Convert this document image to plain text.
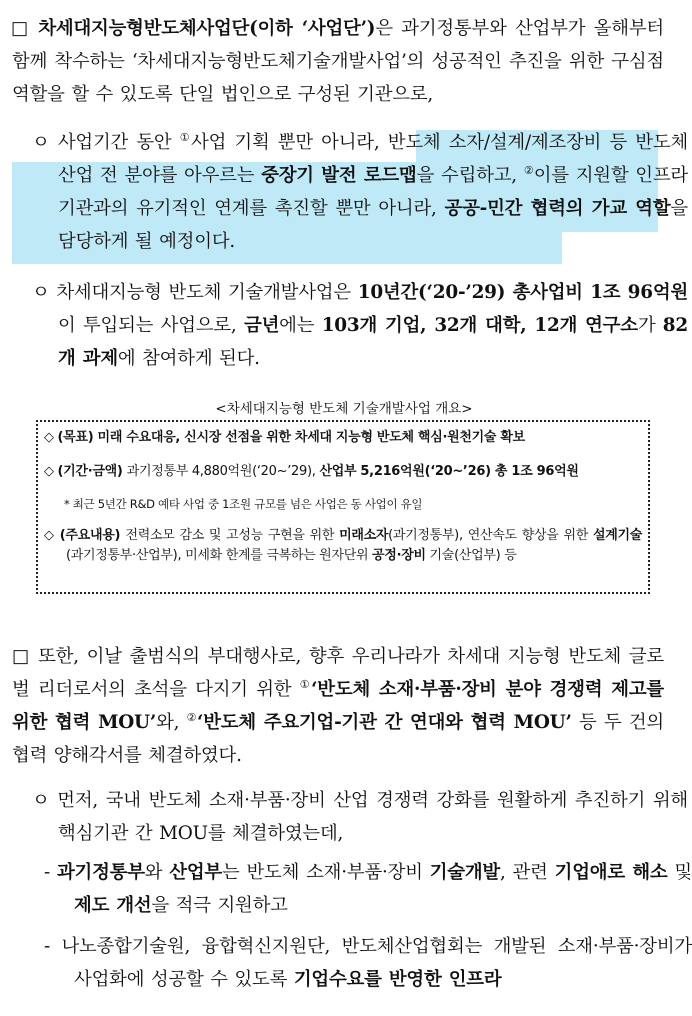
□ 차세대지능형반도체사업단(이하 ‘사업단’)은 과기정통부와 산업부가 올해부터 함께 착수하는 ‘차세대지능형반도체기술개발사업’의 성공적인 추진을 위한 구심점 역할을 할 수 있도록 단일 법인으로 구성된 기관으로,

ㅇ 사업기간 동안 ①사업 기획 뿐만 아니라, 반도체 소자/설계/제조장비 등 반도체 산업 전 분야를 아우르는 중장기 발전 로드맵을 수립하고, ②이를 지원할 인프라 기관과의 유기적인 연계를 촉진할 뿐만 아니라, 공공-민간 협력의 가교 역할을 담당하게 될 예정이다.

ㅇ 차세대지능형 반도체 기술개발사업은 10년간(‘20-’29) 총사업비 1조 96억원이 투입되는 사업으로, 금년에는 103개 기업, 32개 대학, 12개 연구소가 82개 과제에 참여하게 된다.

<차세대지능형 반도체 기술개발사업 개요>

◇ (목표) 미래 수요대응, 신시장 선점을 위한 차세대 지능형 반도체 핵심·원천기술 확보

◇ (기간·금액) 과기정통부 4,880억원(‘20~’29), 산업부 5,216억원(‘20~’26) 총 1조 96억원

* 최근 5년간 R&D 예타 사업 중 1조원 규모를 넘은 사업은 동 사업이 유일

◇ (주요내용) 전력소모 감소 및 고성능 구현을 위한 미래소자(과기정통부), 연산속도 향상을 위한 설계기술(과기정통부·산업부), 미세화 한계를 극복하는 원자단위 공정·장비 기술(산업부) 등

□ 또한, 이날 출범식의 부대행사로, 향후 우리나라가 차세대 지능형 반도체 글로벌 리더로서의 초석을 다지기 위한 ①‘반도체 소재·부품·장비 분야 경쟁력 제고를 위한 협력 MOU’와, ②‘반도체 주요기업-기관 간 연대와 협력 MOU’ 등 두 건의 협력 양해각서를 체결하였다.

ㅇ 먼저, 국내 반도체 소재·부품·장비 산업 경쟁력 강화를 원활하게 추진하기 위해 핵심기관 간 MOU를 체결하였는데,

- 과기정통부와 산업부는 반도체 소재·부품·장비 기술개발, 관련 기업애로 해소 및 제도 개선을 적극 지원하고

- 나노종합기술원, 융합혁신지원단, 반도체산업협회는 개발된 소재·부품·장비가 사업화에 성공할 수 있도록 기업수요를 반영한 인프라
